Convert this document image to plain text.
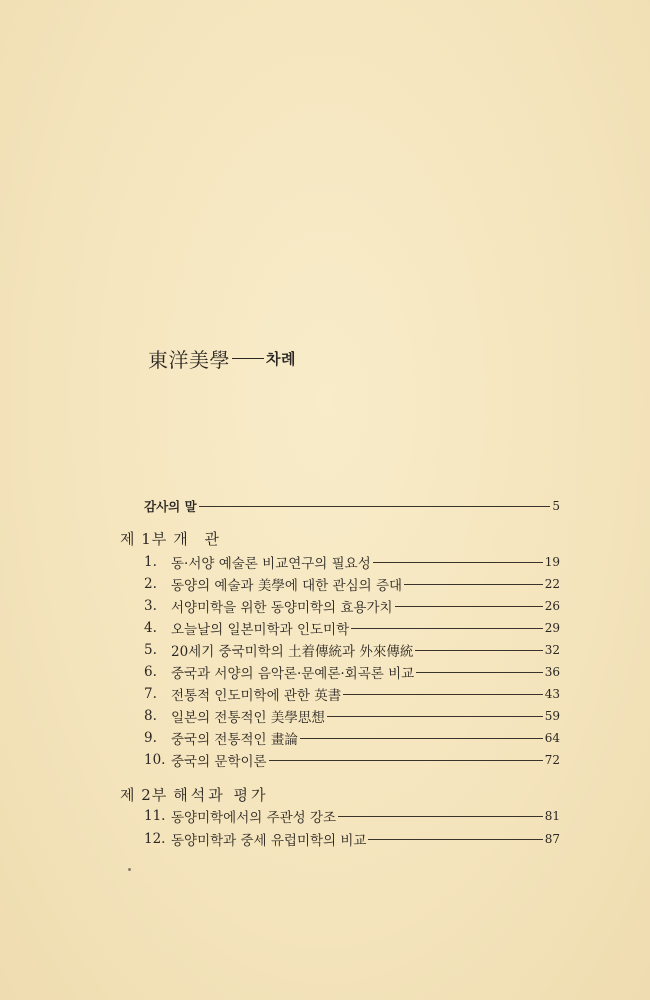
東洋美學 차례
감사의 말	5
제 1부 개 관
1.	동·서양 예술론 비교연구의 필요성	19
2.	동양의 예술과 美學에 대한 관심의 증대	22
3.	서양미학을 위한 동양미학의 효용가치	26
4.	오늘날의 일본미학과 인도미학	29
5.	20세기 중국미학의 土着傳統과 外來傳統	32
6.	중국과 서양의 음악론·문예론·회곡론 비교	36
7.	전통적 인도미학에 관한 英書	43
8.	일본의 전통적인 美學思想	59
9.	중국의 전통적인 畫論	64
10. 중국의 문학이론	72
제 2부 해석과 평가
11. 동양미학에서의 주관성 강조	81
12. 동양미학과 중세 유럽미학의 비교	87
